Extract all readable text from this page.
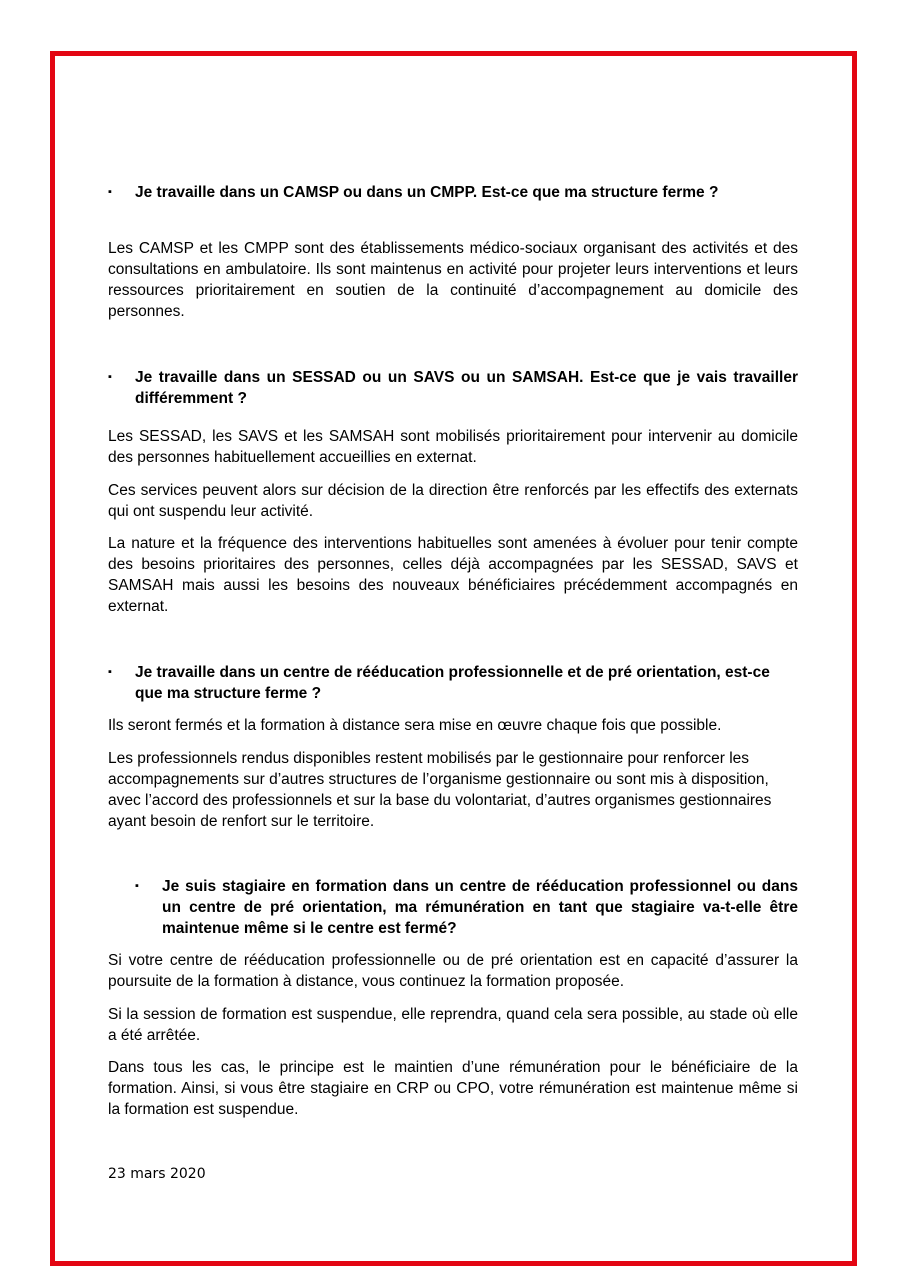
▪	Je travaille dans un CAMSP ou dans un CMPP. Est-ce que ma structure ferme ?

Les CAMSP et les CMPP sont des établissements médico-sociaux organisant des activités et des consultations en ambulatoire. Ils sont maintenus en activité pour projeter leurs interventions et leurs ressources prioritairement en soutien de la continuité d’accompagnement au domicile des personnes.

▪	Je travaille dans un SESSAD ou un SAVS ou un SAMSAH. Est-ce que je vais travailler différemment ?

Les SESSAD, les SAVS et les SAMSAH sont mobilisés prioritairement pour intervenir au domicile des personnes habituellement accueillies en externat.

Ces services peuvent alors sur décision de la direction être renforcés par les effectifs des externats qui ont suspendu leur activité.

La nature et la fréquence des interventions habituelles sont amenées à évoluer pour tenir compte des besoins prioritaires des personnes, celles déjà accompagnées par les SESSAD, SAVS et SAMSAH mais aussi les besoins des nouveaux bénéficiaires précédemment accompagnés en externat.

▪	Je travaille dans un centre de rééducation professionnelle et de pré orientation, est-ce que ma structure ferme ?

Ils seront fermés et la formation à distance sera mise en œuvre chaque fois que possible.

Les professionnels rendus disponibles restent mobilisés par le gestionnaire pour renforcer les accompagnements sur d’autres structures de l’organisme gestionnaire ou sont mis à disposition, avec l’accord des professionnels et sur la base du volontariat, d’autres organismes gestionnaires ayant besoin de renfort sur le territoire.

▪	Je suis stagiaire en formation dans un centre de rééducation professionnel ou dans un centre de pré orientation, ma rémunération en tant que stagiaire va-t-elle être maintenue même si le centre est fermé?

Si votre centre de rééducation professionnelle ou de pré orientation est en capacité d’assurer la poursuite de la formation à distance, vous continuez la formation proposée.

Si la session de formation est suspendue, elle reprendra, quand cela sera possible, au stade où elle a été arrêtée.

Dans tous les cas, le principe est le maintien d’une rémunération pour le bénéficiaire de la formation. Ainsi, si vous être stagiaire en CRP ou CPO, votre rémunération est maintenue même si la formation est suspendue.

23 mars 2020
